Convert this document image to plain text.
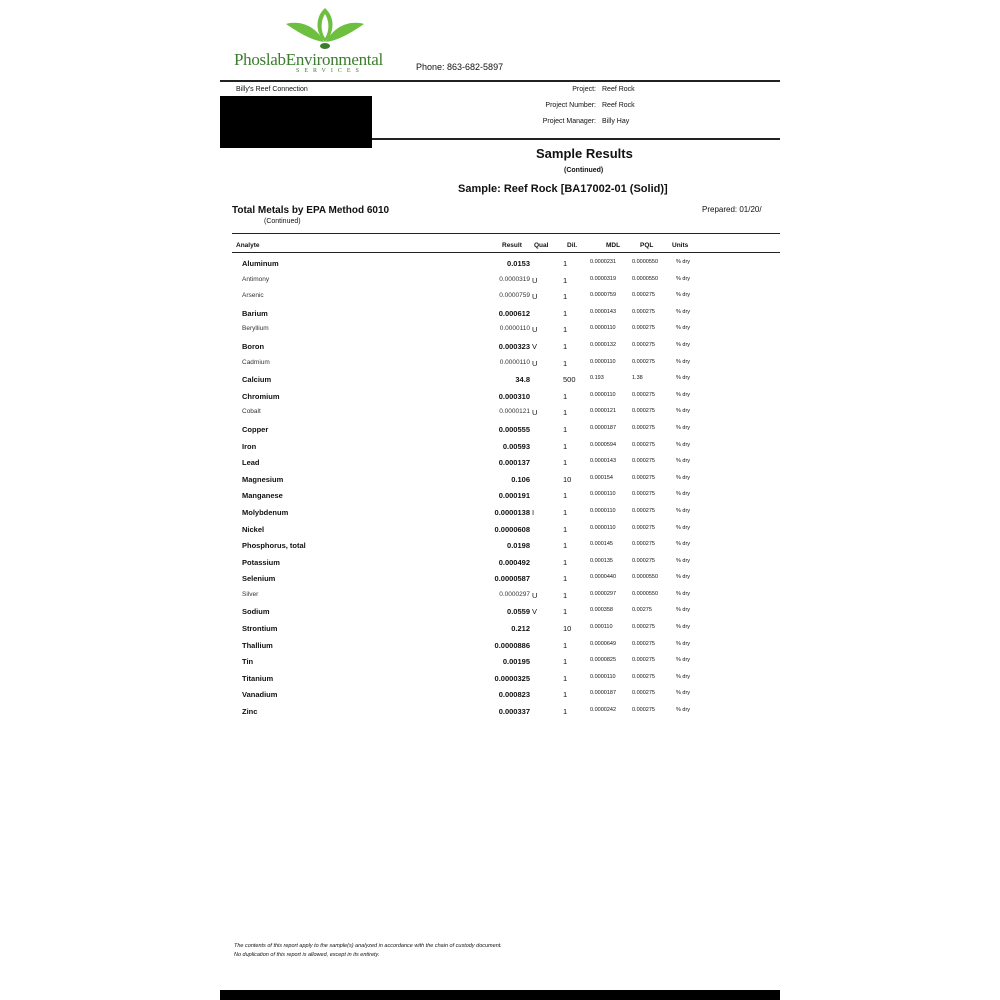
PhoslabEnvironmental
SERVICES	Phone: 863-682-5897
Billy's Reef Connection	Project: Reef Rock
Project Number: Reef Rock
Project Manager: Billy Hay
Sample Results
(Continued)
Sample: Reef Rock [BA17002-01 (Solid)]
Total Metals by EPA Method 6010
(Continued)
Prepared: 01/20/
Analyte	Result Qual	Dil.	MDL	PQL	Units
Aluminum	0.0153	1	0.0000231	0.0000550	% dry
Antimony	0.0000319 U	1	0.0000319	0.0000550	% dry
Arsenic	0.0000759 U	1	0.0000759	0.000275	% dry
Barium	0.000612	1	0.0000143	0.000275	% dry
Beryllium	0.0000110 U	1	0.0000110	0.000275	% dry
Boron	0.000323 V	1	0.0000132	0.000275	% dry
Cadmium	0.0000110 U	1	0.0000110	0.000275	% dry
Calcium	34.8	500	0.193	1.38	% dry
Chromium	0.000310	1	0.0000110	0.000275	% dry
Cobalt	0.0000121 U	1	0.0000121	0.000275	% dry
Copper	0.000555	1	0.0000187	0.000275	% dry
Iron	0.00593	1	0.0000594	0.000275	% dry
Lead	0.000137	1	0.0000143	0.000275	% dry
Magnesium	0.106	10	0.000154	0.000275	% dry
Manganese	0.000191	1	0.0000110	0.000275	% dry
Molybdenum	0.0000138 I	1	0.0000110	0.000275	% dry
Nickel	0.0000608	1	0.0000110	0.000275	% dry
Phosphorus, total	0.0198	1	0.000145	0.000275	% dry
Potassium	0.000492	1	0.000135	0.000275	% dry
Selenium	0.0000587	1	0.0000440	0.0000550	% dry
Silver	0.0000297 U	1	0.0000297	0.0000550	% dry
Sodium	0.0559 V	1	0.000358	0.00275	% dry
Strontium	0.212	10	0.000110	0.000275	% dry
Thallium	0.0000886	1	0.0000649	0.000275	% dry
Tin	0.00195	1	0.0000825	0.000275	% dry
Titanium	0.0000325	1	0.0000110	0.000275	% dry
Vanadium	0.000823	1	0.0000187	0.000275	% dry
Zinc	0.000337	1	0.0000242	0.000275	% dry
The contents of this report apply to the sample(s) analyzed in accordance with the chain of custody document.
No duplication of this report is allowed, except in its entirety.
